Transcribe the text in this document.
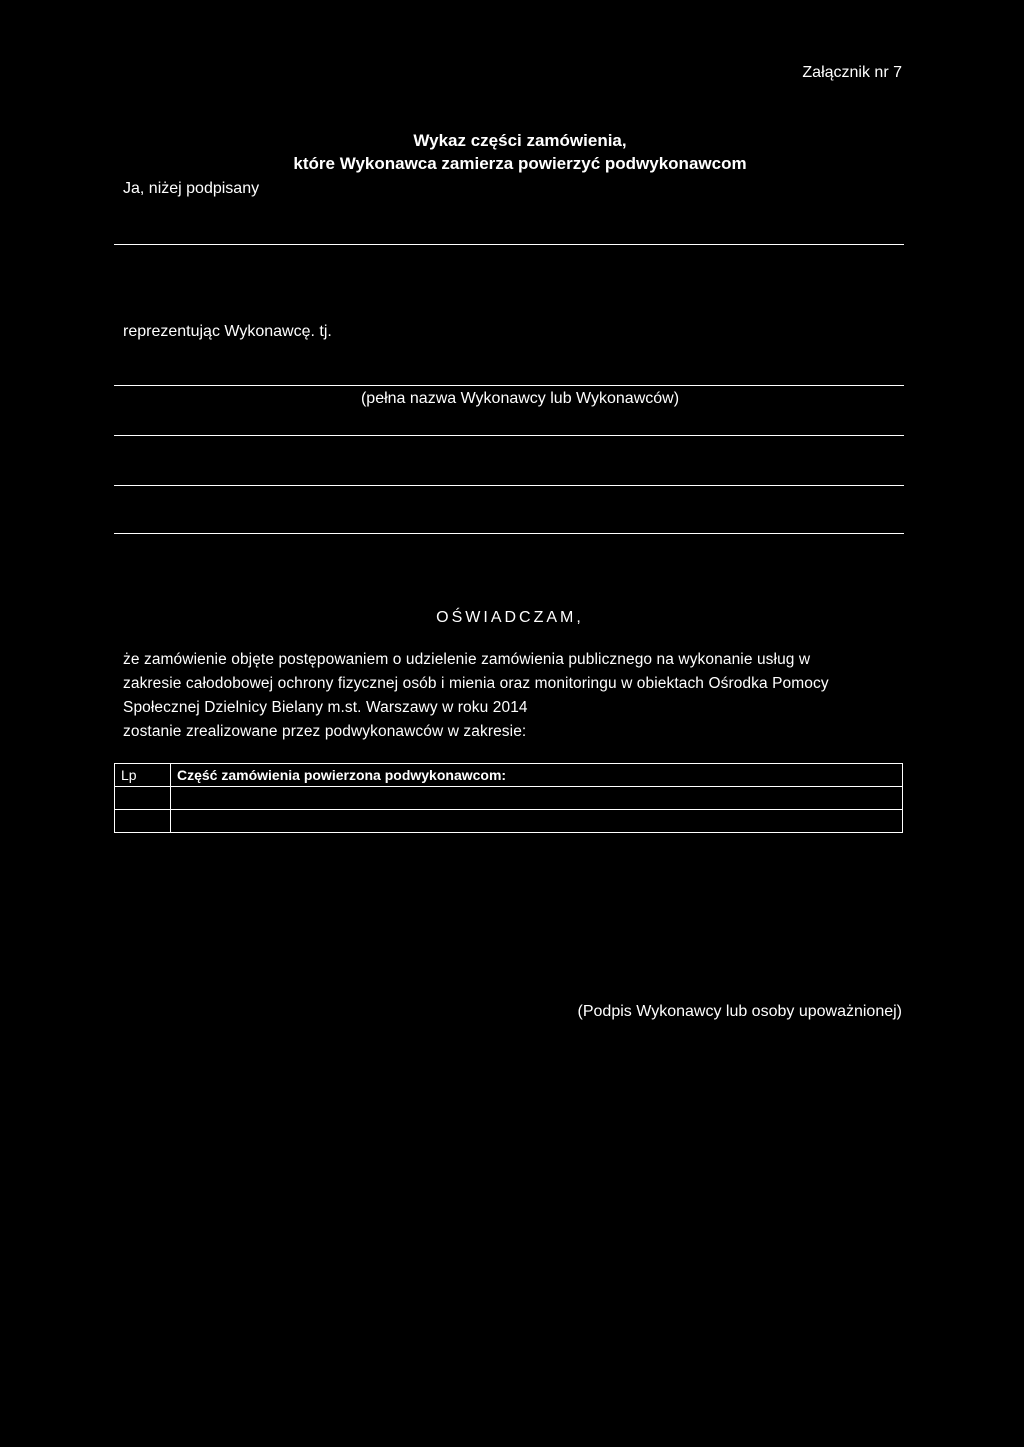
Załącznik nr 7
Wykaz części zamówienia,
które Wykonawca zamierza powierzyć podwykonawcom
Ja, niżej podpisany
reprezentując Wykonawcę. tj.
(pełna nazwa Wykonawcy lub Wykonawców)
OŚWIADCZAM,
że zamówienie objęte postępowaniem o udzielenie zamówienia publicznego na wykonanie usług w
zakresie całodobowej ochrony fizycznej osób i mienia oraz monitoringu w obiektach Ośrodka Pomocy
Społecznej Dzielnicy Bielany m.st. Warszawy w roku 2014
zostanie zrealizowane przez podwykonawców w zakresie:
Lp	Część zamówienia powierzona podwykonawcom:

(Podpis Wykonawcy lub osoby upoważnionej)
